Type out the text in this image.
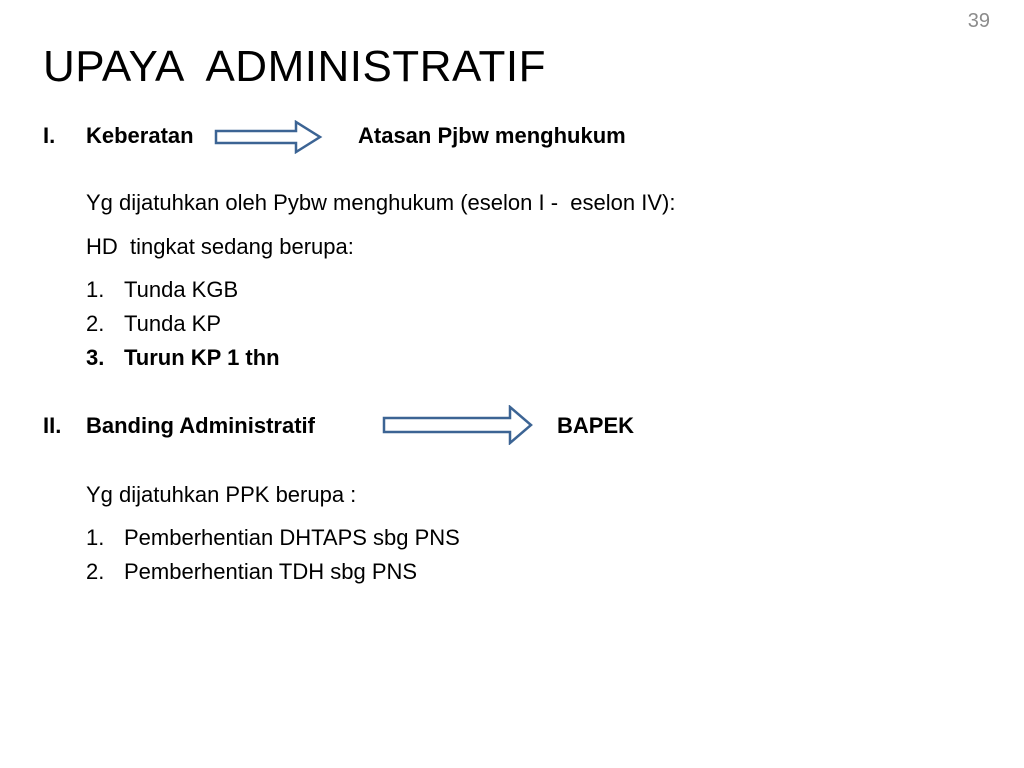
39
UPAYA  ADMINISTRATIF
I. Keberatan	Atasan Pjbw menghukum
Yg dijatuhkan oleh Pybw menghukum (eselon I -  eselon IV):
HD  tingkat sedang berupa:
1. Tunda KGB
2. Tunda KP
3. Turun KP 1 thn
II. Banding Administratif	BAPEK
Yg dijatuhkan PPK berupa :
1. Pemberhentian DHTAPS sbg PNS
2. Pemberhentian TDH sbg PNS
